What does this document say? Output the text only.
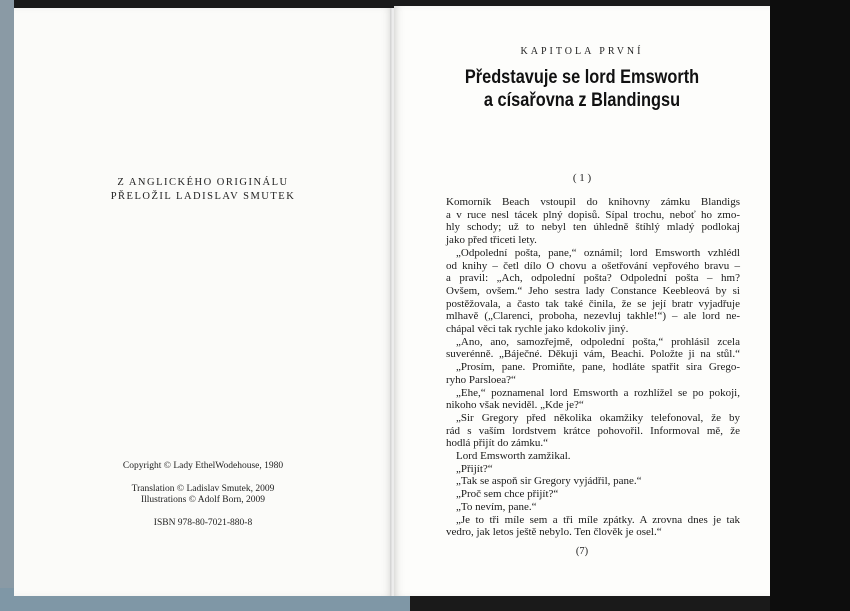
Z ANGLICKÉHO ORIGINÁLU
PŘELOŽIL LADISLAV SMUTEK
Copyright © Lady EthelWodehouse, 1980
Translation © Ladislav Smutek, 2009
Illustrations © Adolf Born, 2009
ISBN 978-80-7021-880-8
KAPITOLA PRVNÍ
Představuje se lord Emsworth
a císařovna z Blandingsu
( 1 )
Komorník Beach vstoupil do knihovny zámku Blandigs
a v ruce nesl tácek plný dopisů. Sípal trochu, neboť ho zmo-
hly schody; už to nebyl ten úhledně štíhlý mladý podlokaj
jako před třiceti lety.
„Odpolední pošta, pane,“ oznámil; lord Emsworth vzhlédl
od knihy – četl dílo O chovu a ošetřování vepřového bravu –
a pravil: „Ach, odpolední pošta? Odpolední pošta – hm?
Ovšem, ovšem.“ Jeho sestra lady Constance Keebleová by si
postěžovala, a často tak také činila, že se její bratr vyjadřuje
mlhavě („Clarenci, proboha, nezevluj takhle!“) – ale lord ne-
chápal věci tak rychle jako kdokoliv jiný.
„Ano, ano, samozřejmě, odpolední pošta,“ prohlásil zcela
suverénně. „Báječné. Děkuji vám, Beachi. Položte ji na stůl.“
„Prosím, pane. Promiňte, pane, hodláte spatřit sira Grego-
ryho Parsloea?“
„Ehe,“ poznamenal lord Emsworth a rozhlížel se po pokoji,
nikoho však neviděl. „Kde je?“
„Sir Gregory před několika okamžiky telefonoval, že by
rád s vaším lordstvem krátce pohovořil. Informoval mě, že
hodlá přijít do zámku.“
Lord Emsworth zamžikal.
„Přijít?“
„Tak se aspoň sir Gregory vyjádřil, pane.“
„Proč sem chce přijít?“
„To nevím, pane.“
„Je to tři míle sem a tři míle zpátky. A zrovna dnes je tak
vedro, jak letos ještě nebylo. Ten člověk je osel.“
(7)
